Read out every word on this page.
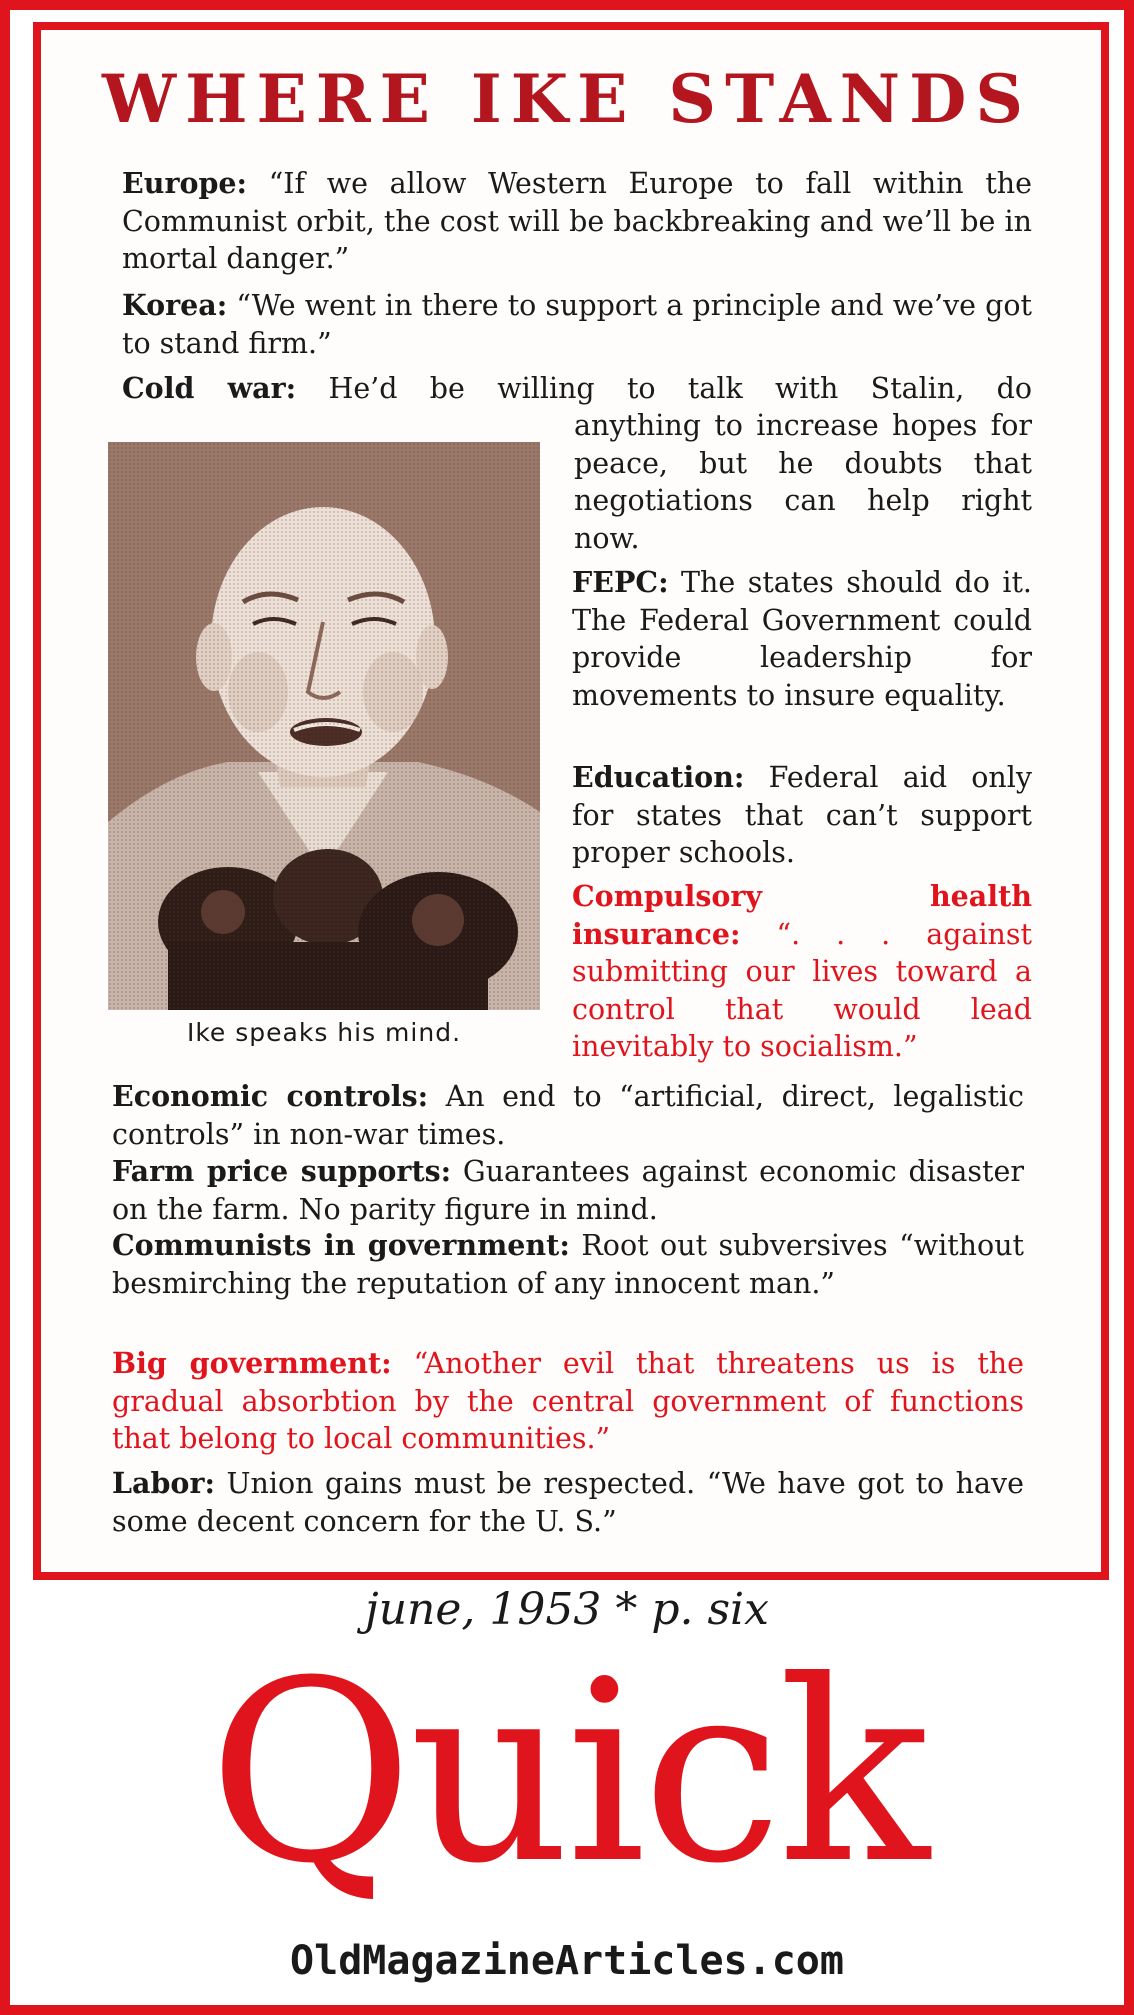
WHERE IKE STANDS

Europe: “If we allow Western Europe to fall within the Communist orbit, the cost will be backbreaking and we’ll be in mortal danger.”

Korea: “We went in there to support a principle and we’ve got to stand firm.”

Cold war: He’d be willing to talk with Stalin, do

anything to increase hopes for peace, but he doubts that negotiations can help right now.

FEPC: The states should do it. The Federal Government could provide leadership for movements to insure equality.

Education: Federal aid only for states that can’t support proper schools.

Compulsory health insurance: “. . . against submitting our lives toward a control that would lead inevitably to socialism.”

Ike speaks his mind.

Economic controls: An end to “artificial, direct, legalistic controls” in non-war times.

Farm price supports: Guarantees against economic disaster on the farm. No parity figure in mind.

Communists in government: Root out subversives “without besmirching the reputation of any innocent man.”

Big government: “Another evil that threatens us is the gradual absorbtion by the central government of functions that belong to local communities.”

Labor: Union gains must be respected. “We have got to have some decent concern for the U. S.”

june, 1953 * p. six

Quick

OldMagazineArticles.com
